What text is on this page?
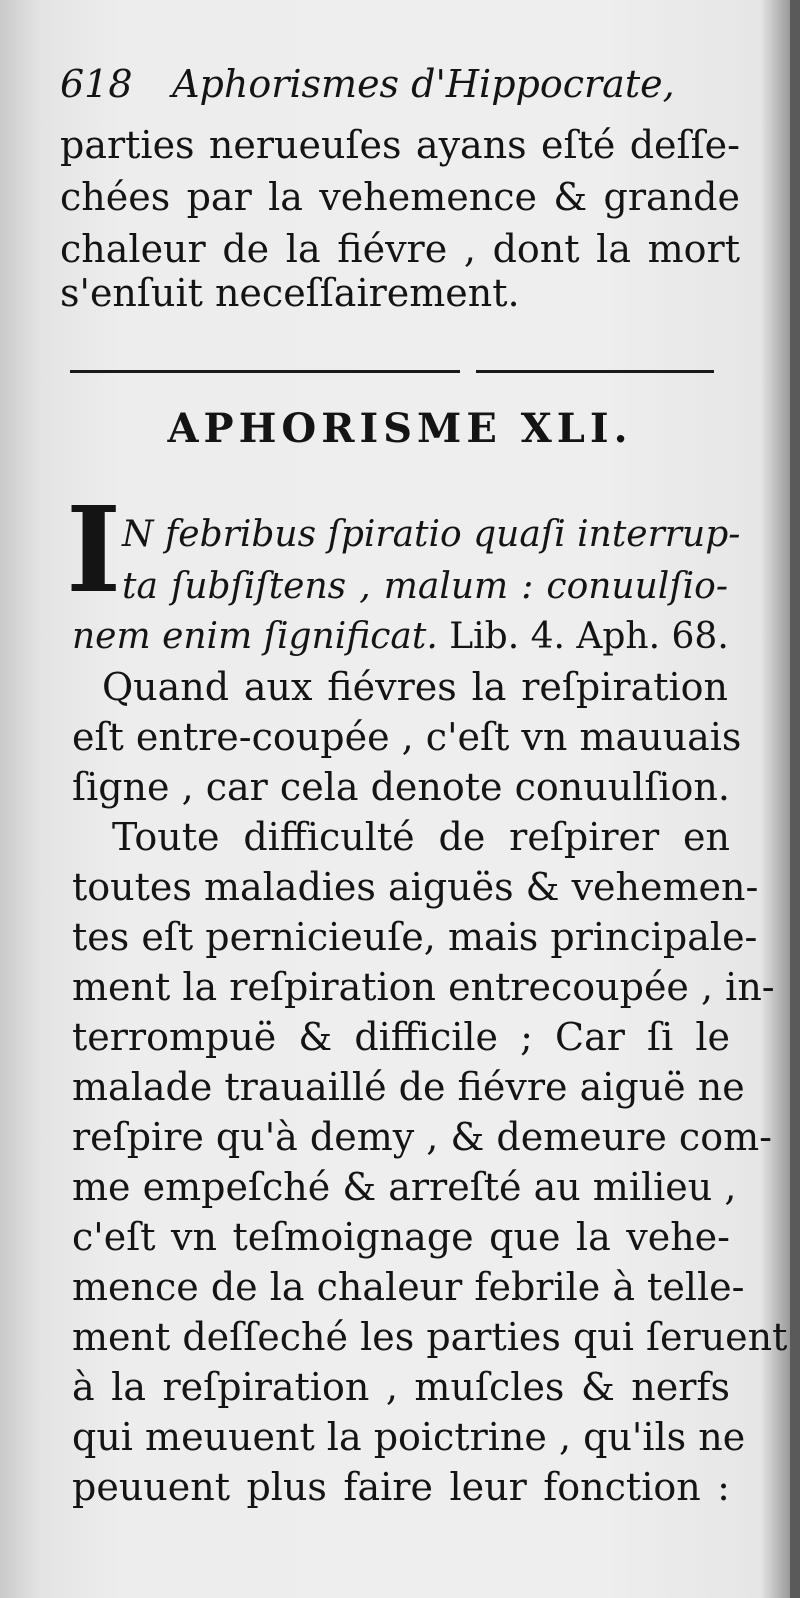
618 Aphorismes d'Hippocrate,
parties nerueuſes ayans eſté deſſe-
chées par la vehemence & grande
chaleur de la fiévre , dont la mort
s'enſuit neceſſairement.
APHORISME XLI.
I N febribus ſpiratio quaſi interrup-
ta ſubſiſtens , malum : conuulſio-
nem enim ſignificat. Lib. 4. Aph. 68.
Quand aux fiévres la reſpiration
eſt entre-coupée , c'eſt vn mauuais
ſigne , car cela denote conuulſion.
Toute difficulté de reſpirer en
toutes maladies aiguës & vehemen-
tes eſt pernicieuſe, mais principale-
ment la reſpiration entrecoupée , in-
terrompuë & difficile ; Car ſi le
malade trauaillé de fiévre aiguë ne
reſpire qu'à demy , & demeure com-
me empeſché & arreſté au milieu ,
c'eſt vn teſmoignage que la vehe-
mence de la chaleur febrile à telle-
ment deſſeché les parties qui ſeruent
à la reſpiration , muſcles & nerfs
qui meuuent la poictrine , qu'ils ne
peuuent plus faire leur fonction :
